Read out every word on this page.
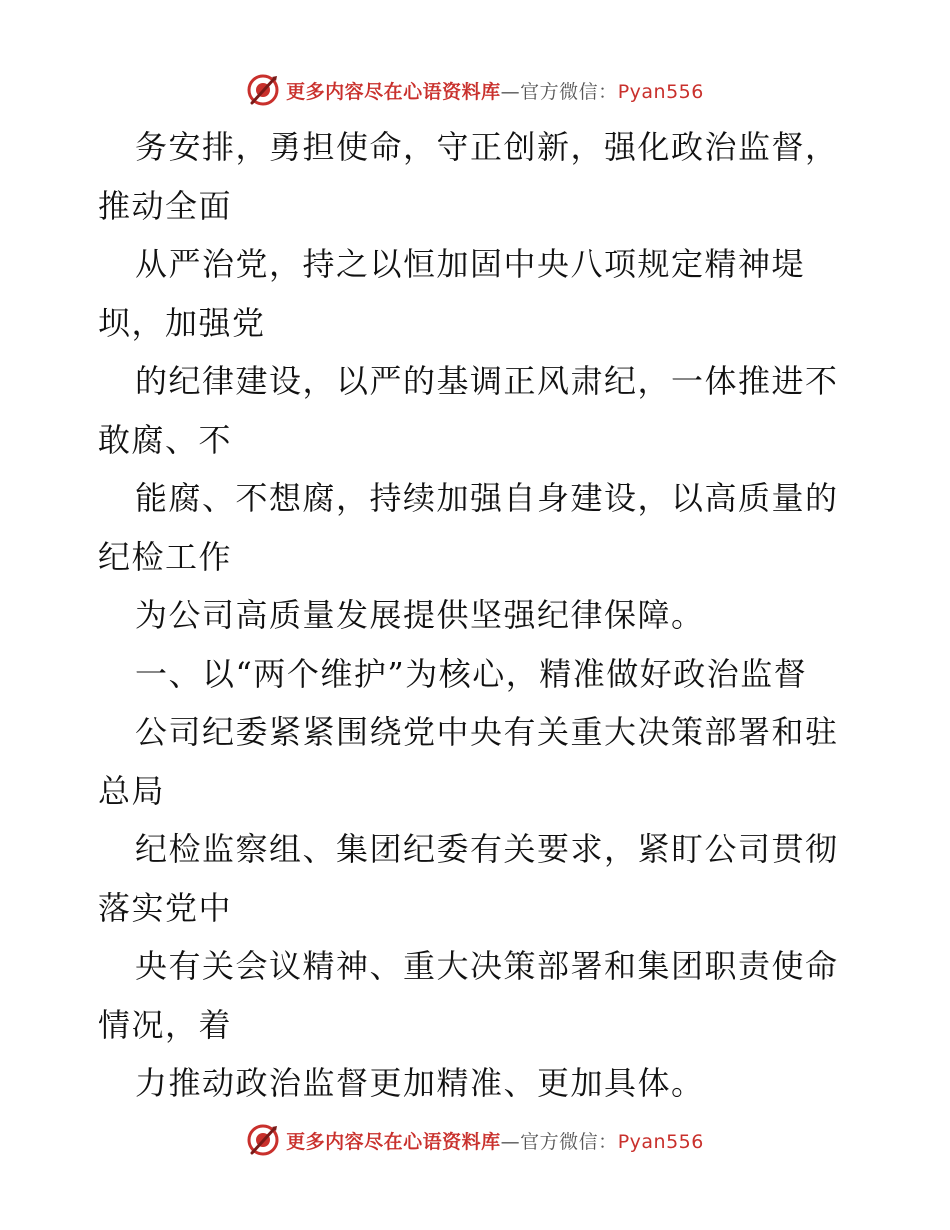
更多内容尽在心语资料库—官方微信：Pyan556
务安排，勇担使命，守正创新，强化政治监督，
推动全面
从严治党，持之以恒加固中央八项规定精神堤
坝，加强党
的纪律建设，以严的基调正风肃纪，一体推进不
敢腐、不
能腐、不想腐，持续加强自身建设，以高质量的
纪检工作
为公司高质量发展提供坚强纪律保障。
一、以“两个维护”为核心，精准做好政治监督
公司纪委紧紧围绕党中央有关重大决策部署和驻
总局
纪检监察组、集团纪委有关要求，紧盯公司贯彻
落实党中
央有关会议精神、重大决策部署和集团职责使命
情况，着
力推动政治监督更加精准、更加具体。
更多内容尽在心语资料库—官方微信：Pyan556
